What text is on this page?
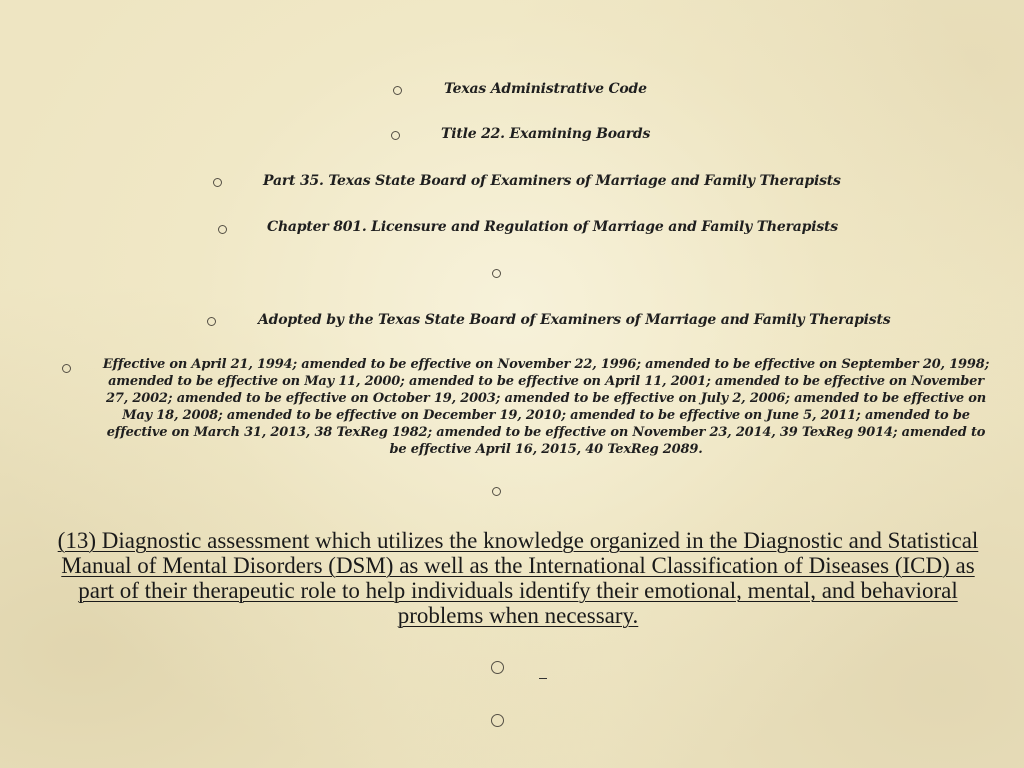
Texas Administrative Code
Title 22. Examining Boards
Part 35. Texas State Board of Examiners of Marriage and Family Therapists
Chapter 801. Licensure and Regulation of Marriage and Family Therapists
Adopted by the Texas State Board of Examiners of Marriage and Family Therapists
Effective on April 21, 1994; amended to be effective on November 22, 1996; amended to be effective on September 20, 1998; amended to be effective on May 11, 2000; amended to be effective on April 11, 2001; amended to be effective on November 27, 2002; amended to be effective on October 19, 2003; amended to be effective on July 2, 2006; amended to be effective on May 18, 2008; amended to be effective on December 19, 2010; amended to be effective on June 5, 2011; amended to be effective on March 31, 2013, 38 TexReg 1982; amended to be effective on November 23, 2014, 39 TexReg 9014; amended to be effective April 16, 2015, 40 TexReg 2089.
(13) Diagnostic assessment which utilizes the knowledge organized in the Diagnostic and Statistical Manual of Mental Disorders (DSM) as well as the International Classification of Diseases (ICD) as part of their therapeutic role to help individuals identify their emotional, mental, and behavioral problems when necessary.
